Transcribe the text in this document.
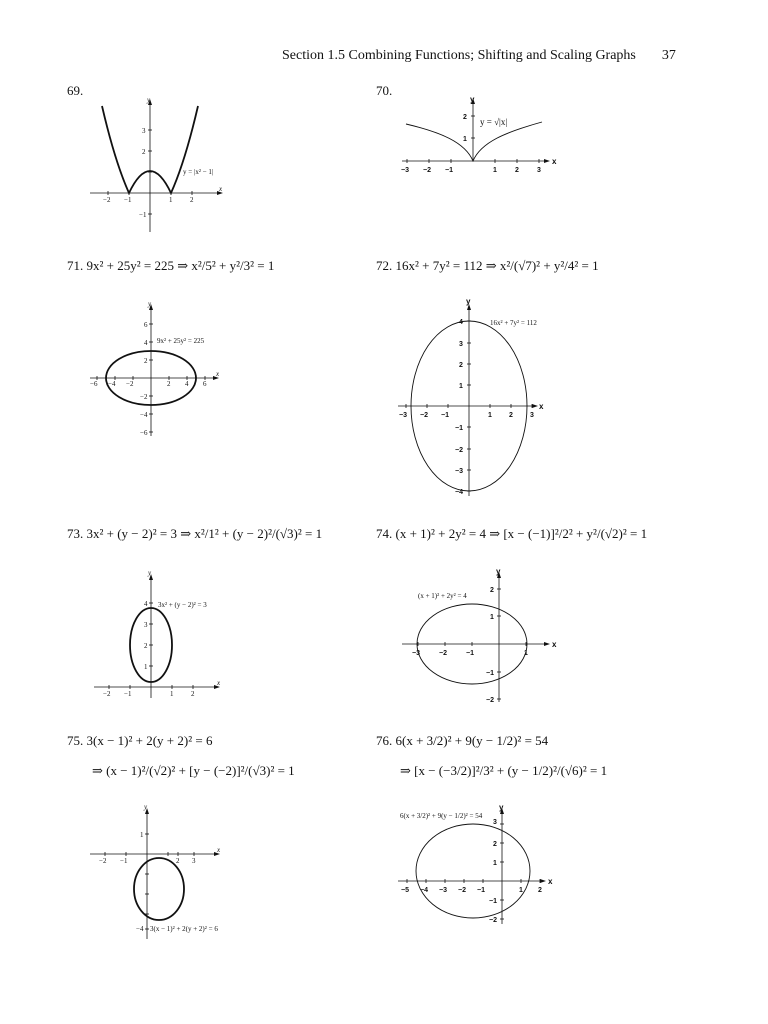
Section 1.5 Combining Functions; Shifting and Scaling Graphs 37
69.
x
y
−2 −1	1	2
3
2
−1
y = |x² − 1|
70.
x
y
−3 −2 −1	1	2	3
2
1
y = √|x|
71. 9x² + 25y² = 225 ⇒ x²/5² + y²/3² = 1
x
y
−6 −4 −2	2 4 6
6
4
2
−2
−4
−6
9x² + 25y² = 225
72. 16x² + 7y² = 112 ⇒ x²/(√7)² + y²/4² = 1
x
y
−3 −2 −1	1 2 3
4
3
2
1
−1
−2
−3
−4
16x² + 7y² = 112
73. 3x² + (y − 2)² = 3 ⇒ x²/1² + (y − 2)²/(√3)² = 1
x
y
−2 −1	1	2
4
3
2
1
3x² + (y − 2)² = 3
74. (x + 1)² + 2y² = 4 ⇒ [x − (−1)]²/2² + y²/(√2)² = 1
x
y
−3	−2	−1	1
2
1
−1
−2
(x + 1)² + 2y² = 4
75. 3(x − 1)² + 2(y + 2)² = 6
⇒ (x − 1)²/(√2)² + [y − (−2)]²/(√3)² = 1
x
y
−2 −1	2 3
1
−4 3(x − 1)² + 2(y + 2)² = 6
76. 6(x + 3/2)² + 9(y − 1/2)² = 54
⇒ [x − (−3/2)]²/3² + (y − 1/2)²/(√6)² = 1
x
y
−5 −4 −3 −2 −1	1 2
3
2
1
−1
−2
6(x + 3/2)² + 9(y − 1/2)² = 54
